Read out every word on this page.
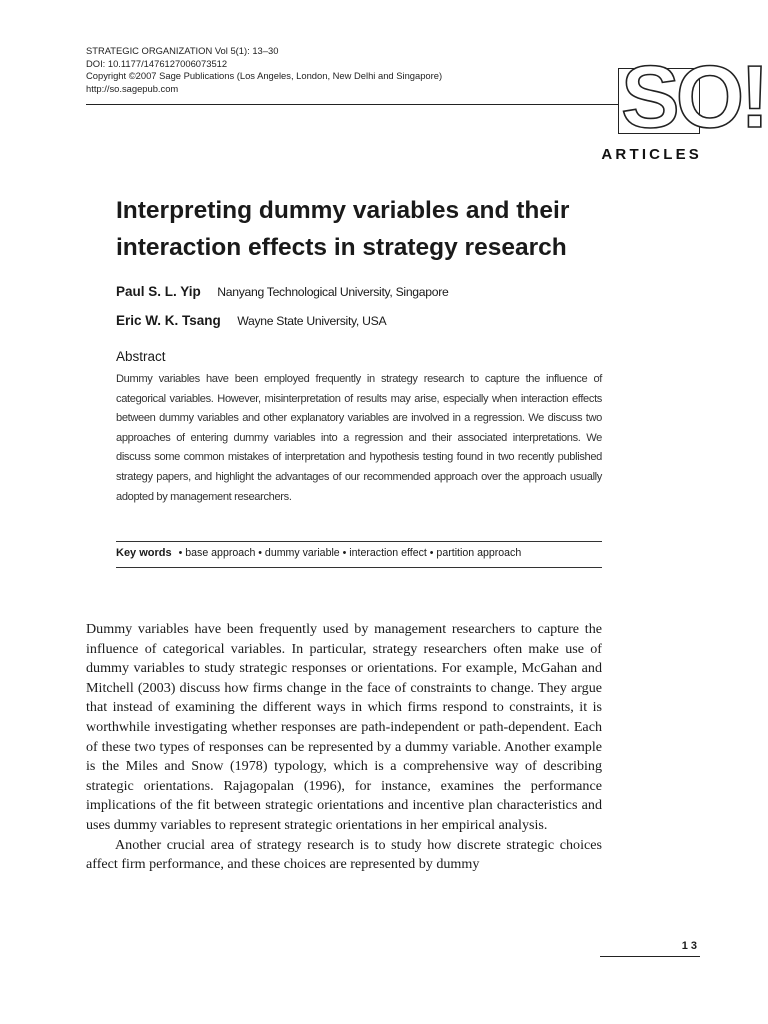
STRATEGIC ORGANIZATION Vol 5(1): 13–30
DOI: 10.1177/1476127006073512
Copyright ©2007 Sage Publications (Los Angeles, London, New Delhi and Singapore)
http://so.sagepub.com	SO!
ARTICLES
Interpreting dummy variables and their interaction effects in strategy research
Paul S. L. Yip Nanyang Technological University, Singapore
Eric W. K. Tsang Wayne State University, USA
Abstract

Dummy variables have been employed frequently in strategy research to capture the influence of categorical variables. However, misinterpretation of results may arise, especially when interaction effects between dummy variables and other explanatory variables are involved in a regression. We discuss two approaches of entering dummy variables into a regression and their associated interpretations. We discuss some common mistakes of interpretation and hypothesis testing found in two recently published strategy papers, and highlight the advantages of our recommended approach over the approach usually adopted by management researchers.

Key words • base approach • dummy variable • interaction effect • partition approach

Dummy variables have been frequently used by management researchers to capture the influence of categorical variables. In particular, strategy researchers often make use of dummy variables to study strategic responses or orientations. For example, McGahan and Mitchell (2003) discuss how firms change in the face of constraints to change. They argue that instead of examining the different ways in which firms respond to constraints, it is worthwhile investigating whether responses are path-independent or path-dependent. Each of these two types of responses can be represented by a dummy variable. Another example is the Miles and Snow (1978) typology, which is a comprehensive way of describing strategic orientations. Rajagopalan (1996), for instance, examines the performance implications of the fit between strategic orientations and incentive plan characteristics and uses dummy variables to represent strategic orientations in her empirical analysis.

Another crucial area of strategy research is to study how discrete strategic choices affect firm performance, and these choices are represented by dummy

13
